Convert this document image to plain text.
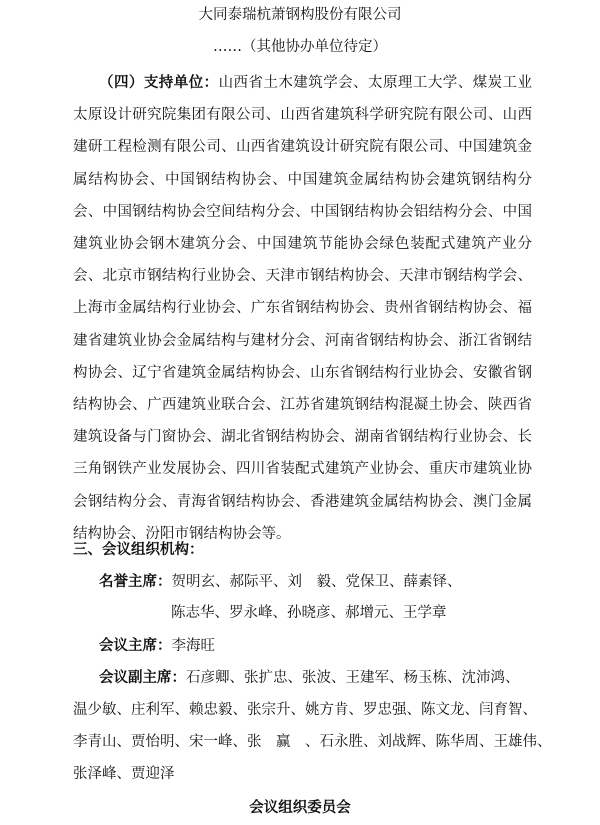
大同泰瑞杭萧钢构股份有限公司
……（其他协办单位待定）
（四）支持单位：山西省土木建筑学会、太原理工大学、煤炭工业太原设计研究院集团有限公司、山西省建筑科学研究院有限公司、山西建研工程检测有限公司、山西省建筑设计研究院有限公司、中国建筑金属结构协会、中国钢结构协会、中国建筑金属结构协会建筑钢结构分会、中国钢结构协会空间结构分会、中国钢结构协会铝结构分会、中国建筑业协会钢木建筑分会、中国建筑节能协会绿色装配式建筑产业分会、北京市钢结构行业协会、天津市钢结构协会、天津市钢结构学会、上海市金属结构行业协会、广东省钢结构协会、贵州省钢结构协会、福建省建筑业协会金属结构与建材分会、河南省钢结构协会、浙江省钢结构协会、辽宁省建筑金属结构协会、山东省钢结构行业协会、安徽省钢结构协会、广西建筑业联合会、江苏省建筑钢结构混凝土协会、陕西省建筑设备与门窗协会、湖北省钢结构协会、湖南省钢结构行业协会、长三角钢铁产业发展协会、四川省装配式建筑产业协会、重庆市建筑业协会钢结构分会、青海省钢结构协会、香港建筑金属结构协会、澳门金属结构协会、汾阳市钢结构协会等。
三、会议组织机构：
名誉主席：贺明玄、郝际平、刘　毅、党保卫、薛素铎、
陈志华、罗永峰、孙晓彦、郝增元、王学章
会议主席：李海旺
会议副主席：石彦卿、张扩忠、张波、王建军、杨玉栋、沈沛鸿、
温少敏、庄利军、赖忠毅、张宗升、姚方肯、罗忠强、陈文龙、闫育智、
李青山、贾怡明、宋一峰、张　赢　、石永胜、刘战辉、陈华周、王雄伟、
张泽峰、贾迎泽
会议组织委员会
